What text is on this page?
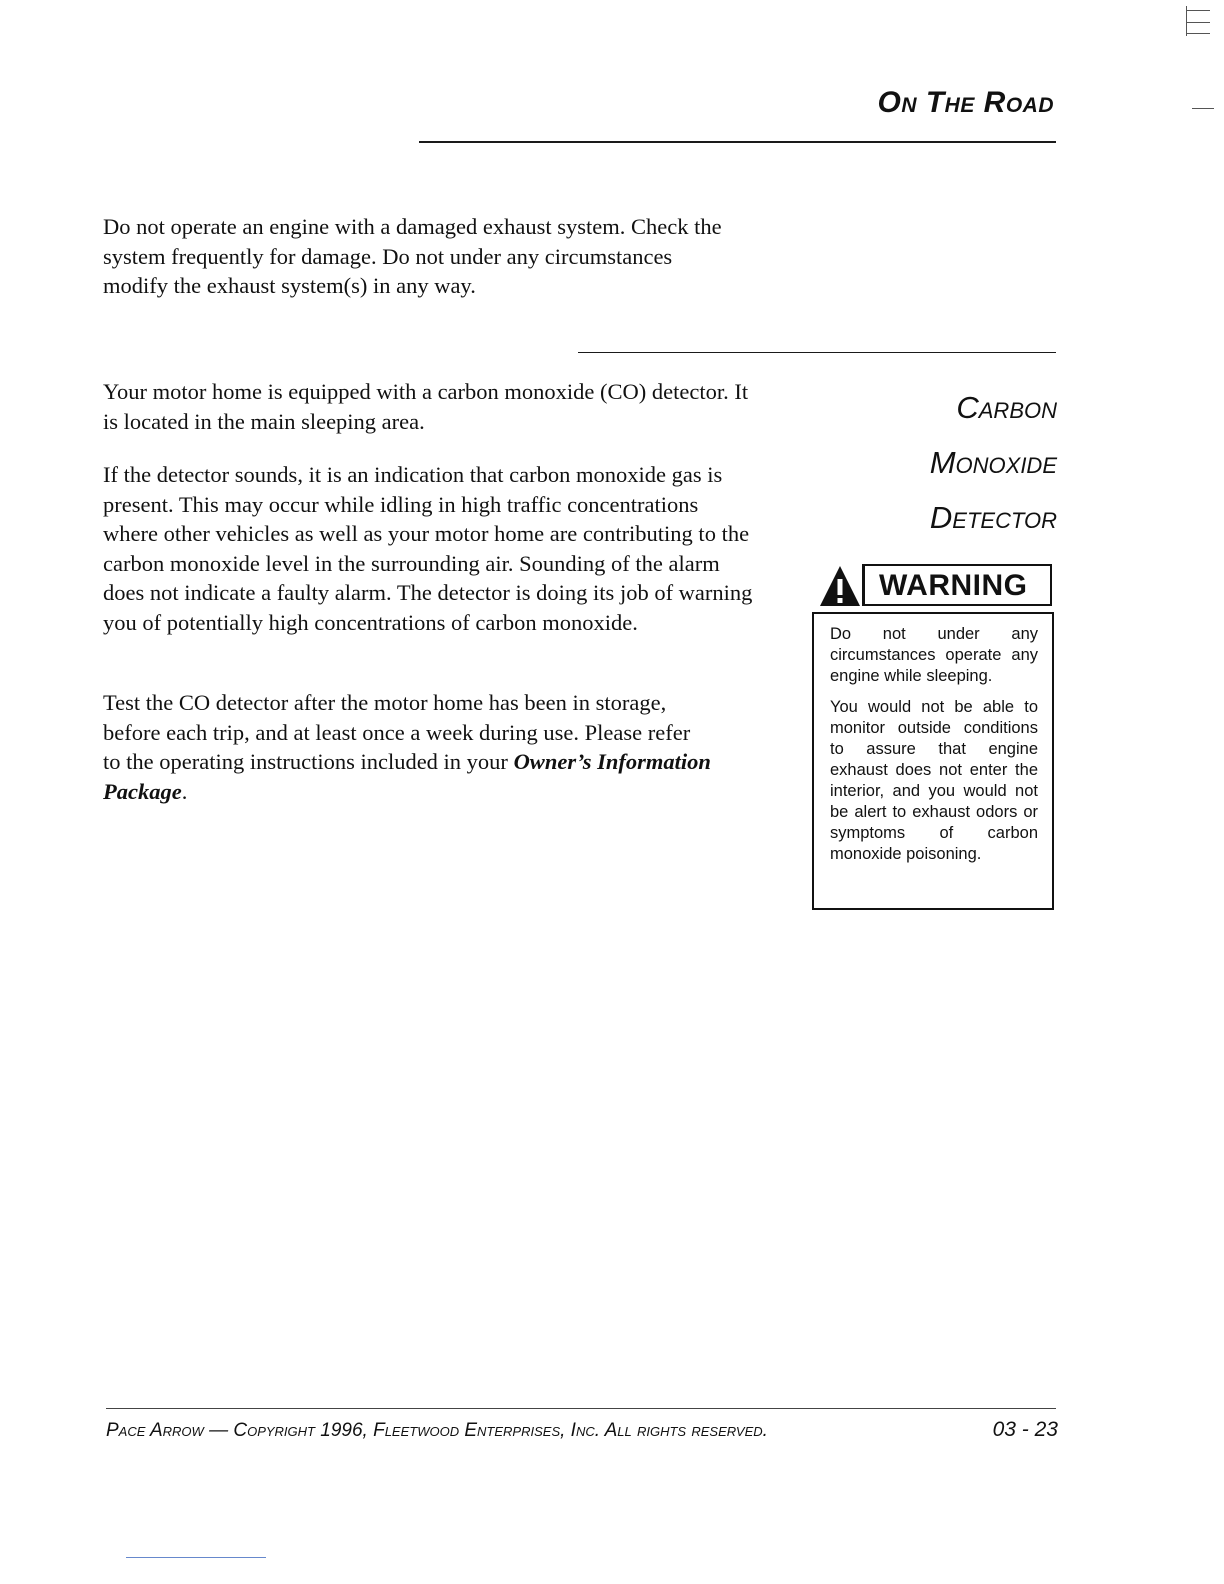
On The Road
Do not operate an engine with a damaged exhaust system. Check the system frequently for damage. Do not under any circumstances modify the exhaust system(s) in any way.
Your motor home is equipped with a carbon monoxide (CO) detector. It is located in the main sleeping area.
If the detector sounds, it is an indication that carbon monoxide gas is present. This may occur while idling in high traffic concentrations where other vehicles as well as your motor home are contributing to the carbon monoxide level in the surrounding air. Sounding of the alarm does not indicate a faulty alarm. The detector is doing its job of warning you of potentially high concentrations of carbon monoxide.
Test the CO detector after the motor home has been in storage, before each trip, and at least once a week during use. Please refer to the operating instructions included in your Owner’s Information Package.
Carbon
Monoxide
Detector
WARNING

Do not under any circumstances operate any engine while sleeping.

You would not be able to monitor outside conditions to assure that engine exhaust does not enter the interior, and you would not be alert to exhaust odors or symptoms of carbon monoxide poisoning.

Pace Arrow — Copyright 1996, Fleetwood Enterprises, Inc. All rights reserved.	03 - 23
